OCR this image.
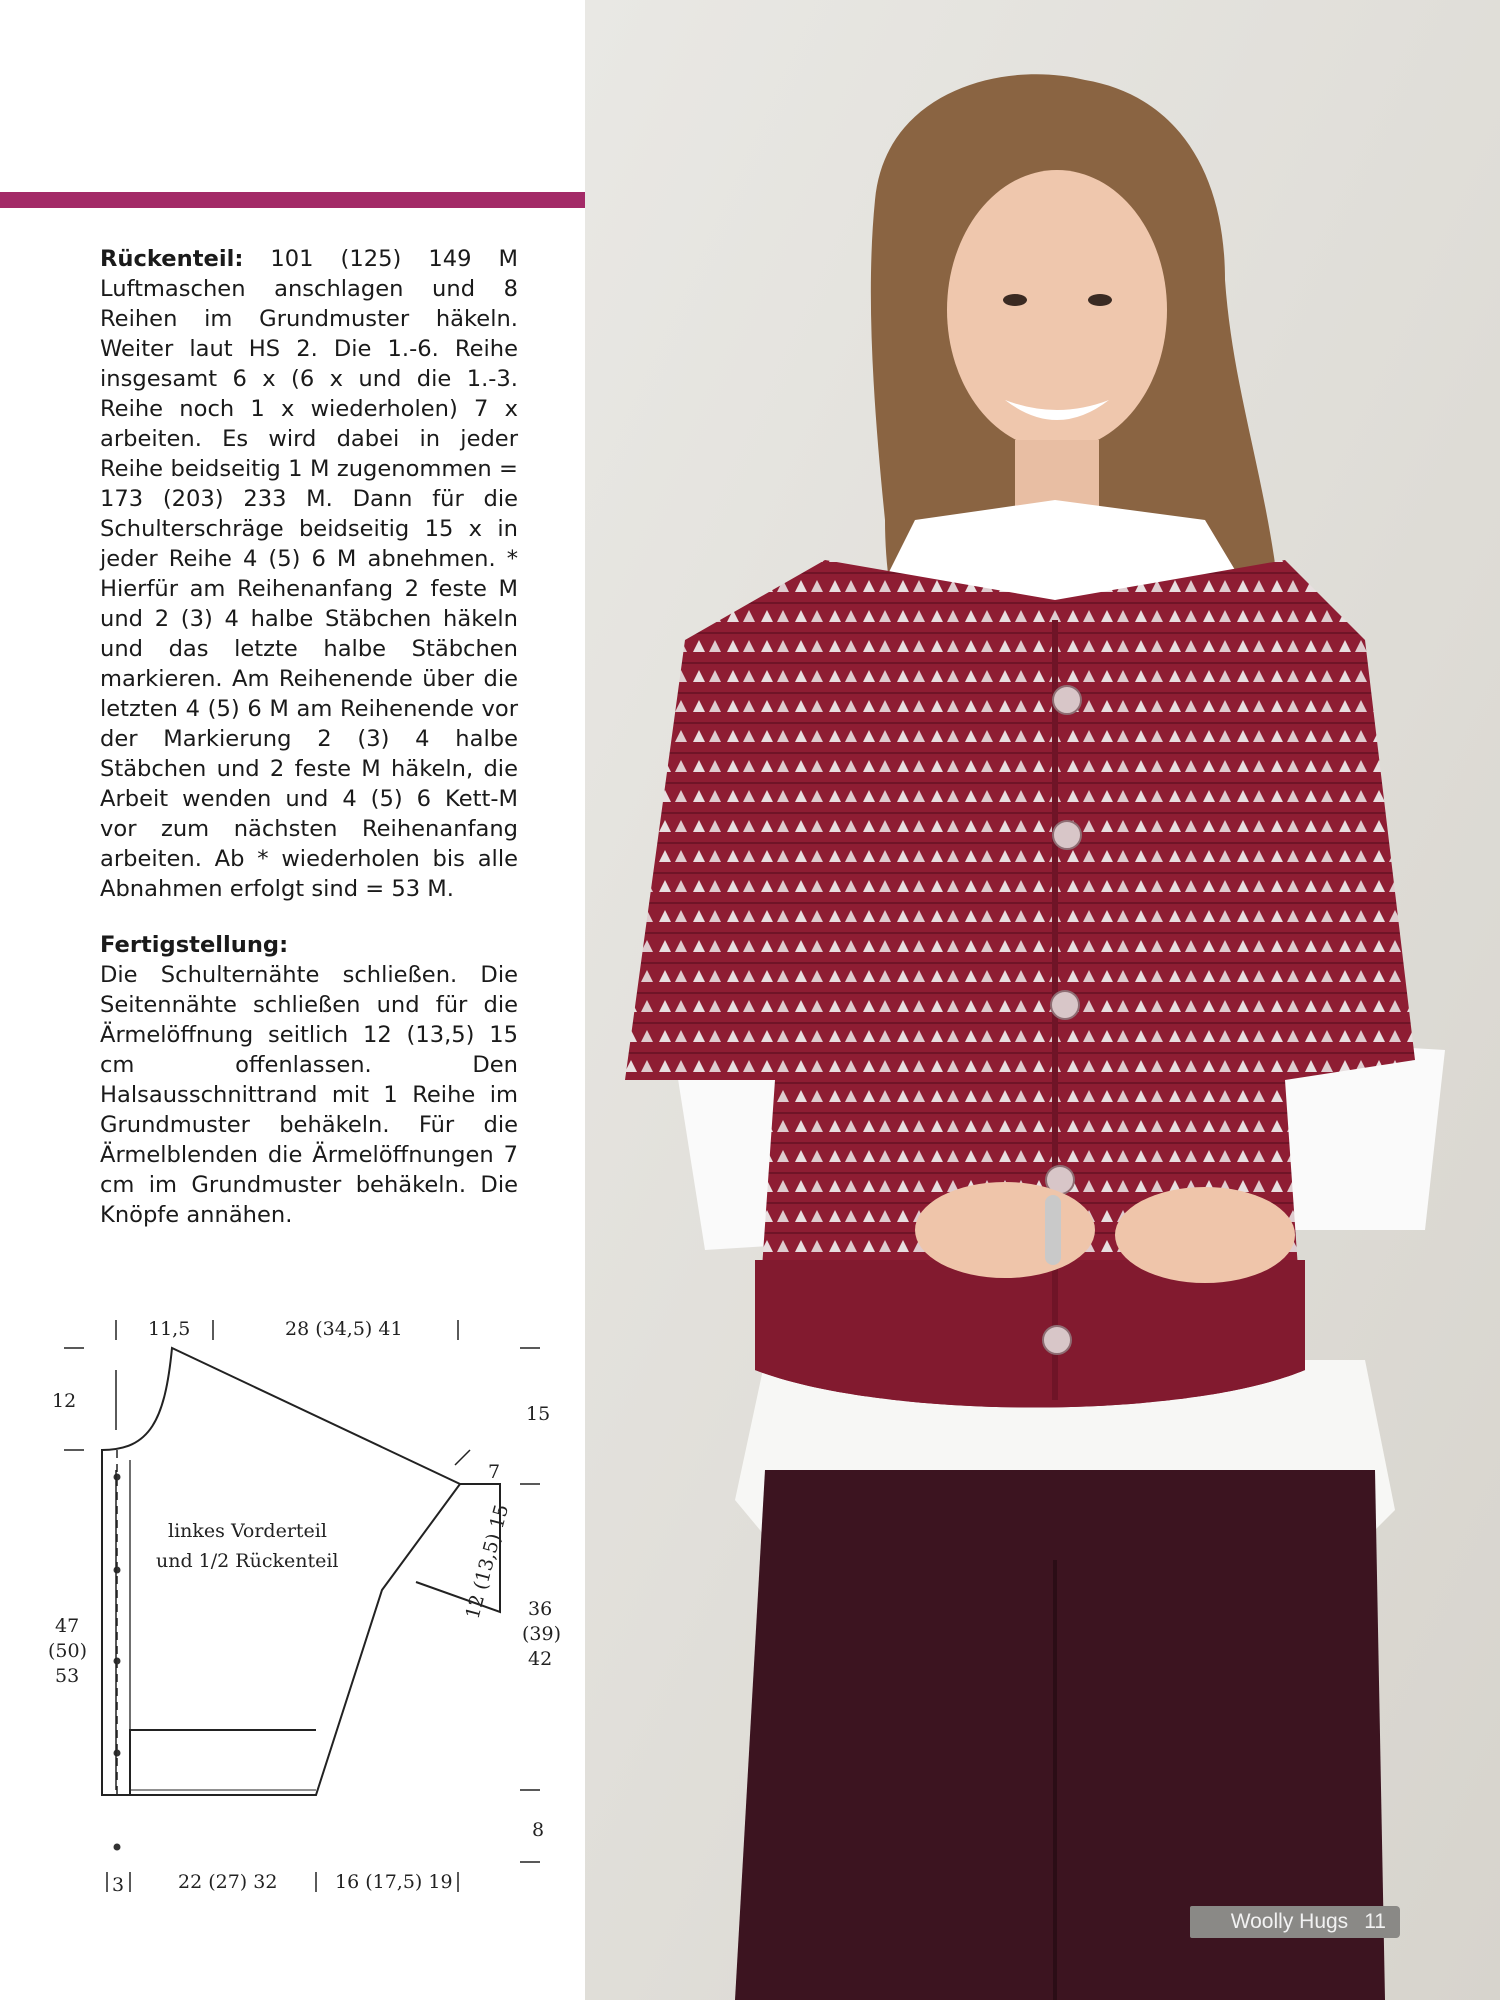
Rückenteil: 101 (125) 149 M Luftmaschen anschlagen und 8 Reihen im Grundmuster häkeln. Weiter laut HS 2. Die 1.-6. Reihe insgesamt 6 x (6 x und die 1.-3. Reihe noch 1 x wiederholen) 7 x arbeiten. Es wird dabei in jeder Reihe beidseitig 1 M zugenommen = 173 (203) 233 M. Dann für die Schulterschräge beidseitig 15 x in jeder Reihe 4 (5) 6 M abnehmen. * Hierfür am Reihenanfang 2 feste M und 2 (3) 4 halbe Stäbchen häkeln und das letzte halbe Stäbchen markieren. Am Reihenende über die letzten 4 (5) 6 M am Reihenende vor der Markierung 2 (3) 4 halbe Stäbchen und 2 feste M häkeln, die Arbeit wenden und 4 (5) 6 Kett-M vor zum nächsten Reihenanfang arbeiten. Ab * wiederholen bis alle Abnahmen erfolgt sind = 53 M.

Fertigstellung:

Die Schulternähte schließen. Die Seitennähte schließen und für die Ärmelöffnung seitlich 12 (13,5) 15 cm offenlassen. Den Halsausschnittrand mit 1 Reihe im Grundmuster behäkeln. Für die Ärmelblenden die Ärmelöffnungen 7 cm im Grundmuster behäkeln. Die Knöpfe annähen.

11,5	28 (34,5) 41
12
15
7
12 (13,5) 15 36
(39)
42
47
(50)
53
8
3	22 (27) 32	16 (17,5) 19
linkes Vorderteil
und 1/2 Rückenteil
Woolly Hugs 11
